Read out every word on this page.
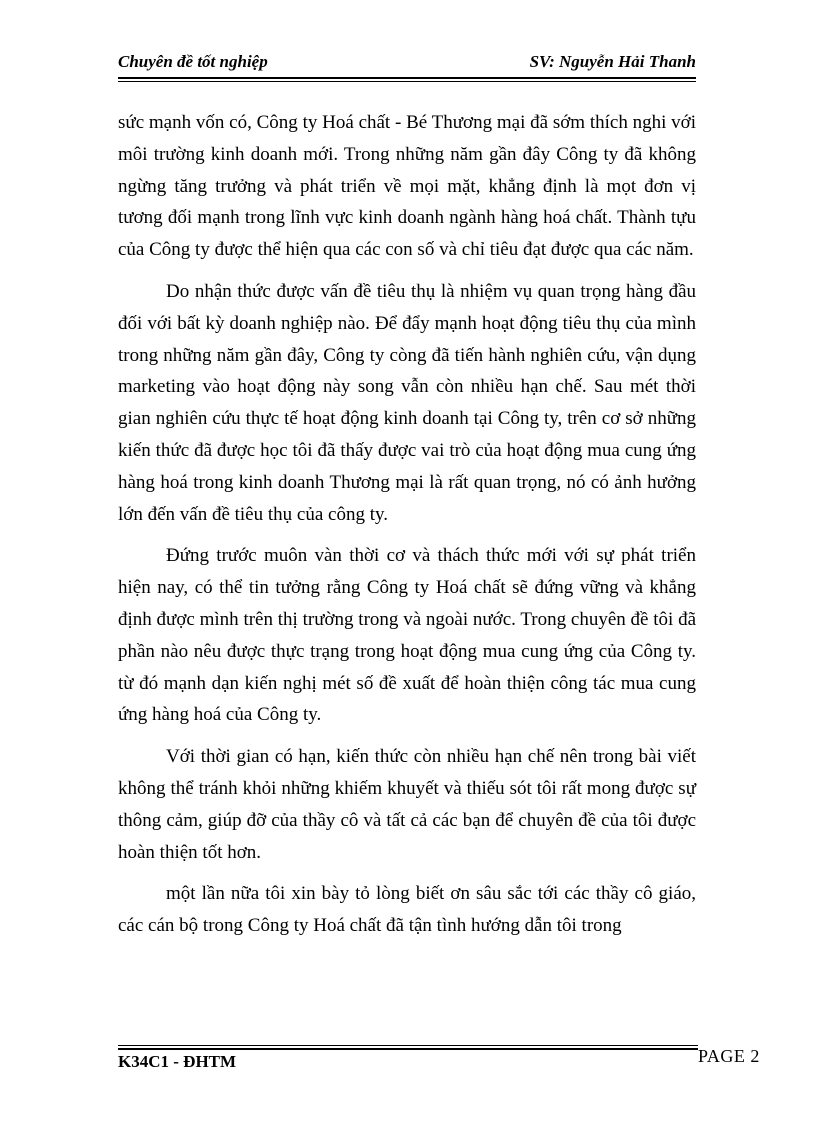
Chuyên đề tốt nghiệp	SV: Nguyễn Hải Thanh

sức mạnh vốn có, Công ty Hoá chất - Bé Thương mại đã sớm thích nghi với môi trường kinh doanh mới. Trong những năm gần đây Công ty đã không ngừng tăng trưởng và phát triển về mọi mặt, khẳng định là mọt đơn vị tương đối mạnh trong lĩnh vực kinh doanh ngành hàng hoá chất. Thành tựu của Công ty được thể hiện qua các con số và chỉ tiêu đạt được qua các năm.

Do nhận thức được vấn đề tiêu thụ là nhiệm vụ quan trọng hàng đầu đối với bất kỳ doanh nghiệp nào. Để đẩy mạnh hoạt động tiêu thụ của mình trong những năm gần đây, Công ty còng đã tiến hành nghiên cứu, vận dụng marketing vào hoạt động này song vẫn còn nhiều hạn chế. Sau mét thời gian nghiên cứu thực tế hoạt động kinh doanh tại Công ty, trên cơ sở những kiến thức đã được học tôi đã thấy được vai trò của hoạt động mua cung ứng hàng hoá trong kinh doanh Thương mại là rất quan trọng, nó có ảnh hưởng lớn đến vấn đề tiêu thụ của công ty.

Đứng trước muôn vàn thời cơ và thách thức mới với sự phát triển hiện nay, có thể tin tưởng rằng Công ty Hoá chất sẽ đứng vững và khẳng định được mình trên thị trường trong và ngoài nước. Trong chuyên đề tôi đã phần nào nêu được thực trạng trong hoạt động mua cung ứng của Công ty. từ đó mạnh dạn kiến nghị mét số đề xuất để hoàn thiện công tác mua cung ứng hàng hoá của Công ty.

Với thời gian có hạn, kiến thức còn nhiều hạn chế nên trong bài viết không thể tránh khỏi những khiếm khuyết và thiếu sót tôi rất mong được sự thông cảm, giúp đỡ của thầy cô và tất cả các bạn để chuyên đề của tôi được hoàn thiện tốt hơn.

một lần nữa tôi xin bày tỏ lòng biết ơn sâu sắc tới các thầy cô giáo, các cán bộ trong Công ty Hoá chất đã tận tình hướng dẫn tôi trong

K34C1 - ĐHTM	PAGE 2
